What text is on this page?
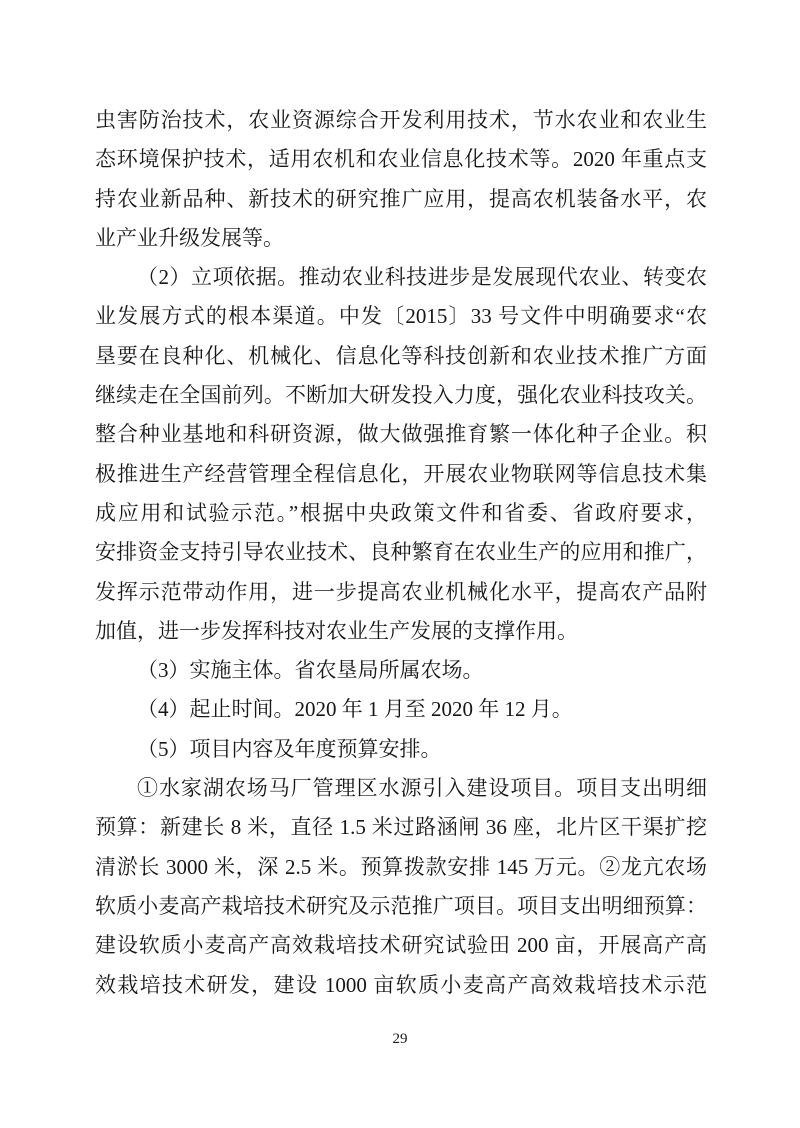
虫害防治技术，农业资源综合开发利用技术，节水农业和农业生
态环境保护技术，适用农机和农业信息化技术等。2020 年重点支
持农业新品种、新技术的研究推广应用，提高农机装备水平，农
业产业升级发展等。
（2）立项依据。推动农业科技进步是发展现代农业、转变农
业发展方式的根本渠道。中发〔2015〕33 号文件中明确要求“农
垦要在良种化、机械化、信息化等科技创新和农业技术推广方面
继续走在全国前列。不断加大研发投入力度，强化农业科技攻关。
整合种业基地和科研资源，做大做强推育繁一体化种子企业。积
极推进生产经营管理全程信息化，开展农业物联网等信息技术集
成应用和试验示范。”根据中央政策文件和省委、省政府要求，
安排资金支持引导农业技术、良种繁育在农业生产的应用和推广，
发挥示范带动作用，进一步提高农业机械化水平，提高农产品附
加值，进一步发挥科技对农业生产发展的支撑作用。
（3）实施主体。省农垦局所属农场。
（4）起止时间。2020 年 1 月至 2020 年 12 月。
（5）项目内容及年度预算安排。
①水家湖农场马厂管理区水源引入建设项目。项目支出明细
预算：新建长 8 米，直径 1.5 米过路涵闸 36 座，北片区干渠扩挖
清淤长 3000 米，深 2.5 米。预算拨款安排 145 万元。②龙亢农场
软质小麦高产栽培技术研究及示范推广项目。项目支出明细预算：
建设软质小麦高产高效栽培技术研究试验田 200 亩，开展高产高
效栽培技术研发，建设 1000 亩软质小麦高产高效栽培技术示范
29
